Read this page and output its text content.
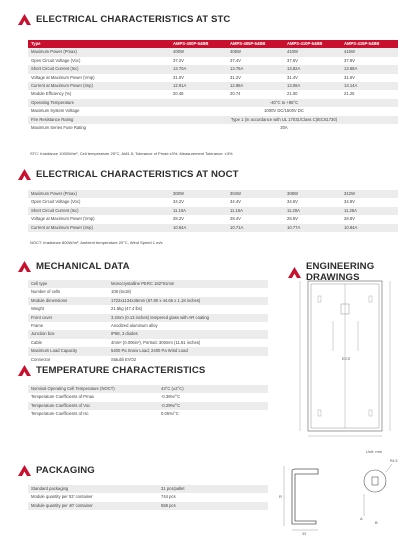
ELECTRICAL CHARACTERISTICS AT STC
Type	AMPS-400P-54BB	AMPS-405P-54BB	AMPS-410P-54BB	AMPS-415P-54BB
Maximum Power (Pmax)	400W	405W	410W	415W
Open Circuit Voltage (Voc)	37.2V	37.4V	37.6V	37.8V
Short Circuit Current (Isc)	13.70A	13.76A	13.82A	13.88A
Voltage at Maximum Power (Vmp)	31.0V	31.2V	31.4V	31.6V
Current at Maximum Power (Imp)	12.91A	12.98A	13.06A	13.14A
Module Efficiency (%)	20.48	20.74	21.00	21.25
Operating Temperature	-40°C to +85°C			
Maximum System Voltage	1000V DC/1500V DC			
Fire Resistance Rating	Type 1 (in accordance with UL 17031/Class C(IEC61730)			
Maximum Series Fuse Rating	30A			
STC: Irradiance 1000W/m², Cell temperature 25°C, AM1.5; Tolerance of Pmax:±3%; Measurement Tolerance: ±3%
ELECTRICAL CHARACTERISTICS AT NOCT
Maximum Power (Pmax)	300W	304W	308W	312W
Open Circuit Voltage (Voc)	34.2V	34.4V	34.6V	34.8V
Short Circuit Current (Isc)	11.10A	11.15A	11.20A	11.25A
Voltage at Maximum Power (Vmp)	28.2V	28.4V	28.6V	28.8V
Current at Maximum Power (Imp)	10.64A	10.71A	10.77A	10.84A
NOCT: Irradiance 800W/m², Ambient temperature 20°C, Wind Speed 1 m/s
MECHANICAL DATA
Cell type	Monocrystalline PERC 182*91mm
Number of cells	108 (6x18)
Module dimensions	1722x1134x35mm (67.80 x 44.65 x 1.18 inches)
Weight	21.5kg (47.4 lbs)
Front cover	3.2mm (0.13 inches) tempered glass with AR coating
Frame	Anodized aluminum alloy
Junction box	IP68, 3 diodes
Cable	4mm² (0.006in²), Portrait: 300mm (11.81 inches)
Maximum Load Capacity	5400 Pa Snow Load, 2400 Pa Wind Load
Connector	Stäubli EVO2
TEMPERATURE CHARACTERISTICS
Nominal Operating Cell Temperature (NOCT)	43°C (±2°C)
Temperature Coefficients of Pmax	-0.36%/°C
Temperature Coefficients of Voc	-0.29%/°C
Temperature Coefficients of Isc	0.05%/°C
PACKAGING
Standard packaging	31 pcs/pallet
Module quantity per 53' container	744 pcs
Module quantity per 40' container	558 pcs
ENGINEERING DRAWINGS
ECS
R
33
Unit: mm
R4.5
A
B
